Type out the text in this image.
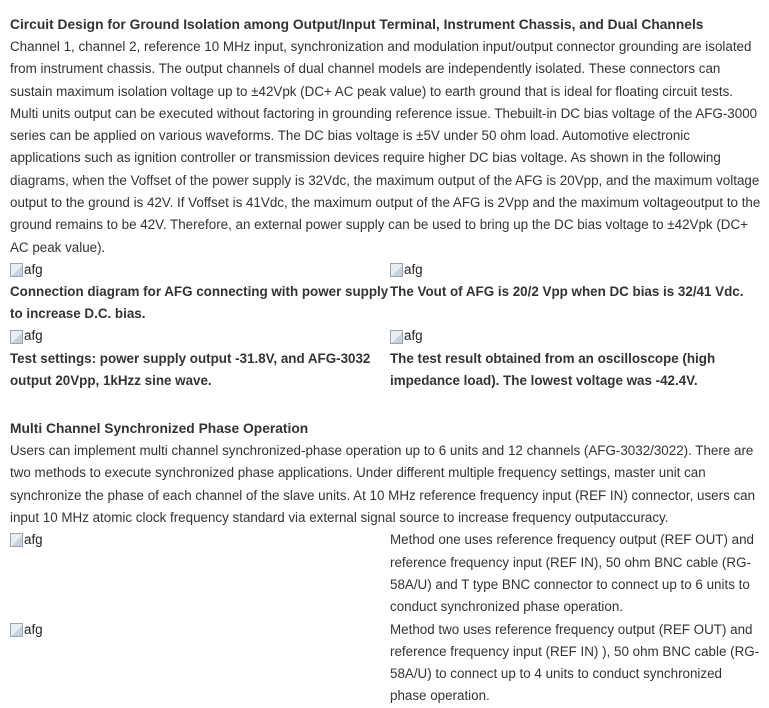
Circuit Design for Ground Isolation among Output/Input Terminal, Instrument Chassis, and Dual Channels

Channel 1, channel 2, reference 10 MHz input, synchronization and modulation input/output connector grounding are isolated from instrument chassis. The output channels of dual channel models are independently isolated. These connectors can sustain maximum isolation voltage up to ±42Vpk (DC+ AC peak value) to earth ground that is ideal for floating circuit tests. Multi units output can be executed without factoring in grounding reference issue. Thebuilt-in DC bias voltage of the AFG-3000 series can be applied on various waveforms. The DC bias voltage is ±5V under 50 ohm load. Automotive electronic applications such as ignition controller or transmission devices require higher DC bias voltage. As shown in the following diagrams, when the Voffset of the power supply is 32Vdc, the maximum output of the AFG is 20Vpp, and the maximum voltage output to the ground is 42V. If Voffset is 41Vdc, the maximum output of the AFG is 2Vpp and the maximum voltageoutput to the ground remains to be 42V. Therefore, an external power supply can be used to bring up the DC bias voltage to ±42Vpk (DC+ AC peak value).

afg
Connection diagram for AFG connecting with power supply to increase D.C. bias.
afg
The Vout of AFG is 20/2 Vpp when DC bias is 32/41 Vdc.
afg
Test settings: power supply output -31.8V, and AFG-3032 output 20Vpp, 1kHzz sine wave.
afg
The test result obtained from an oscilloscope (high impedance load). The lowest voltage was -42.4V.
Multi Channel Synchronized Phase Operation

Users can implement multi channel synchronized-phase operation up to 6 units and 12 channels (AFG-3032/3022). There are two methods to execute synchronized phase applications. Under different multiple frequency settings, master unit can synchronize the phase of each channel of the slave units. At 10 MHz reference frequency input (REF IN) connector, users can input 10 MHz atomic clock frequency standard via external signal source to increase frequency outputaccuracy.

afg	Method one uses reference frequency output (REF OUT) and reference frequency input (REF IN), 50 ohm BNC cable (RG-58A/U) and T type BNC connector to connect up to 6 units to conduct synchronized phase operation.
afg	Method two uses reference frequency output (REF OUT) and reference frequency input (REF IN) ), 50 ohm BNC cable (RG-58A/U) to connect up to 4 units to conduct synchronized phase operation.
